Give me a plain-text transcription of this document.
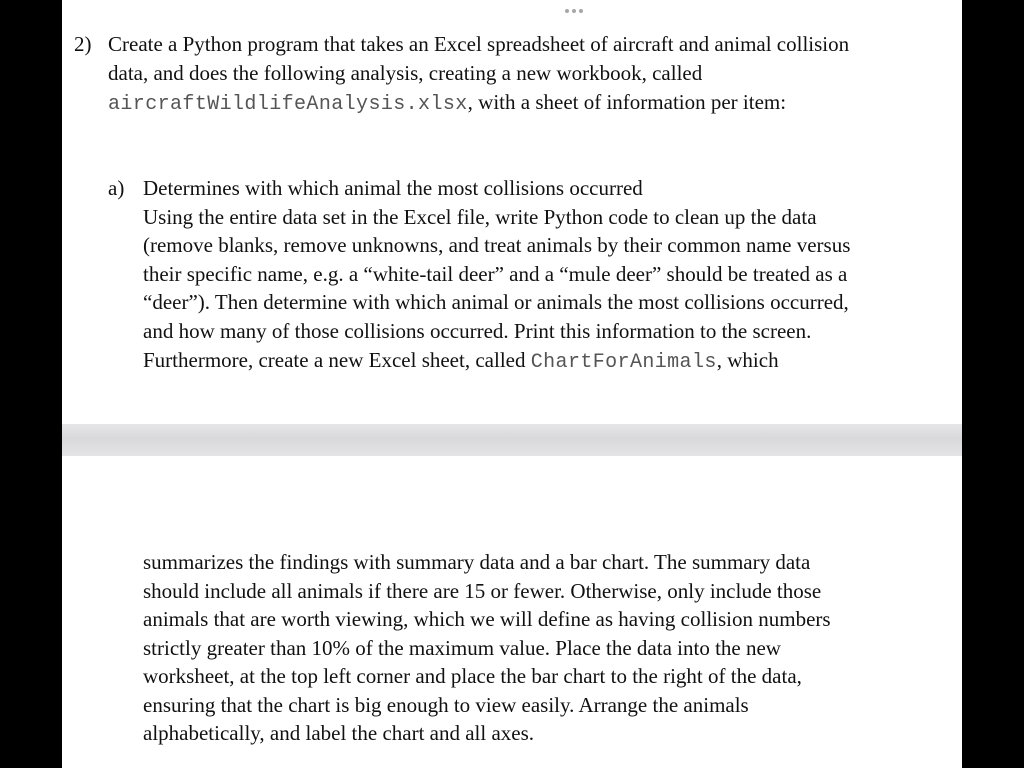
2) Create a Python program that takes an Excel spreadsheet of aircraft and animal collision
data, and does the following analysis, creating a new workbook, called
aircraftWildlifeAnalysis.xlsx, with a sheet of information per item:
a) Determines with which animal the most collisions occurred
Using the entire data set in the Excel file, write Python code to clean up the data
(remove blanks, remove unknowns, and treat animals by their common name versus
their specific name, e.g. a “white-tail deer” and a “mule deer” should be treated as a
“deer”). Then determine with which animal or animals the most collisions occurred,
and how many of those collisions occurred. Print this information to the screen.
Furthermore, create a new Excel sheet, called ChartForAnimals, which
summarizes the findings with summary data and a bar chart. The summary data
should include all animals if there are 15 or fewer. Otherwise, only include those
animals that are worth viewing, which we will define as having collision numbers
strictly greater than 10% of the maximum value. Place the data into the new
worksheet, at the top left corner and place the bar chart to the right of the data,
ensuring that the chart is big enough to view easily. Arrange the animals
alphabetically, and label the chart and all axes.
